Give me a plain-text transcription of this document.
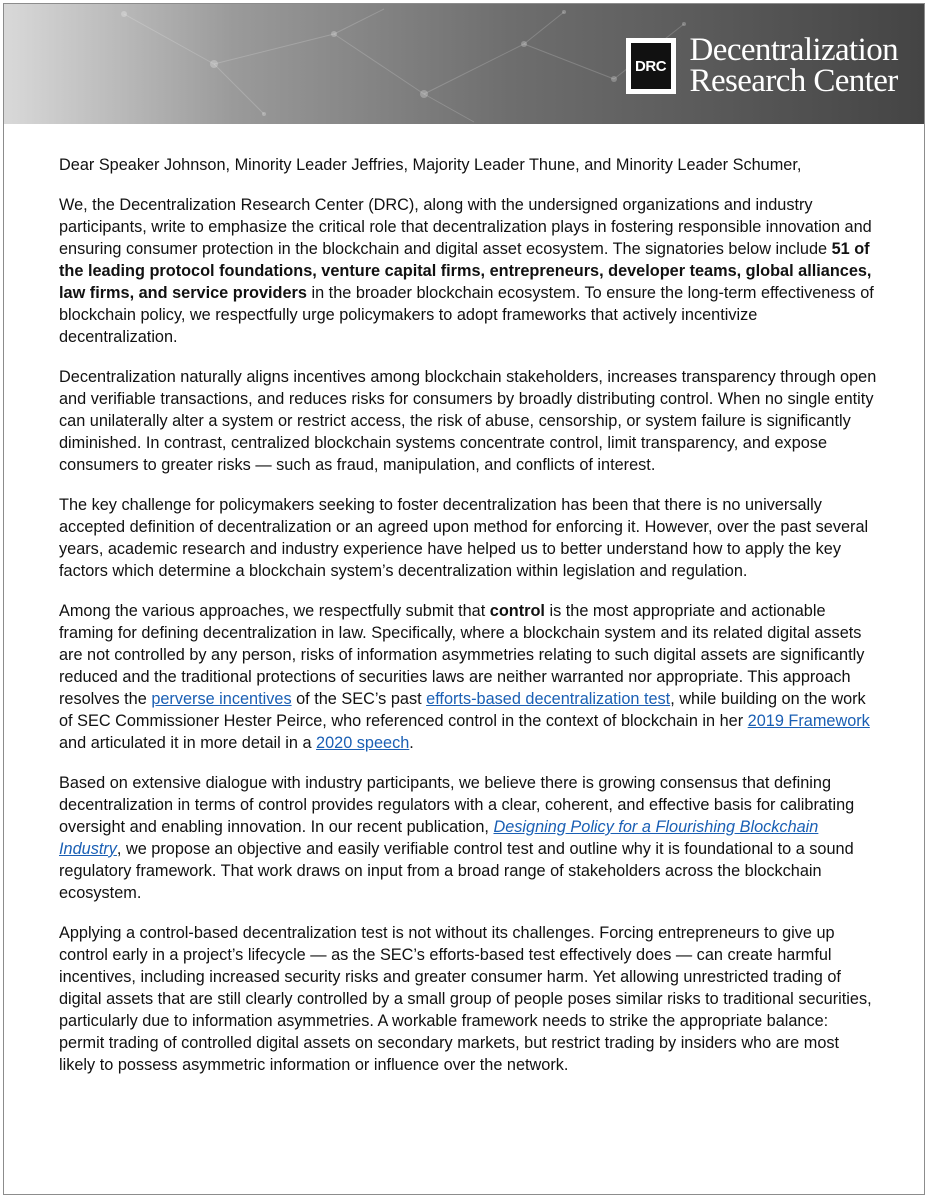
DRC Decentralization
Research Center

Dear Speaker Johnson, Minority Leader Jeffries, Majority Leader Thune, and Minority Leader Schumer,

We, the Decentralization Research Center (DRC), along with the undersigned organizations and industry participants, write to emphasize the critical role that decentralization plays in fostering responsible innovation and ensuring consumer protection in the blockchain and digital asset ecosystem. The signatories below include 51 of the leading protocol foundations, venture capital firms, entrepreneurs, developer teams, global alliances, law firms, and service providers in the broader blockchain ecosystem. To ensure the long-term effectiveness of blockchain policy, we respectfully urge policymakers to adopt frameworks that actively incentivize decentralization.

Decentralization naturally aligns incentives among blockchain stakeholders, increases transparency through open and verifiable transactions, and reduces risks for consumers by broadly distributing control. When no single entity can unilaterally alter a system or restrict access, the risk of abuse, censorship, or system failure is significantly diminished. In contrast, centralized blockchain systems concentrate control, limit transparency, and expose consumers to greater risks — such as fraud, manipulation, and conflicts of interest.

The key challenge for policymakers seeking to foster decentralization has been that there is no universally accepted definition of decentralization or an agreed upon method for enforcing it. However, over the past several years, academic research and industry experience have helped us to better understand how to apply the key factors which determine a blockchain system’s decentralization within legislation and regulation.

Among the various approaches, we respectfully submit that control is the most appropriate and actionable framing for defining decentralization in law. Specifically, where a blockchain system and its related digital assets are not controlled by any person, risks of information asymmetries relating to such digital assets are significantly reduced and the traditional protections of securities laws are neither warranted nor appropriate. This approach resolves the perverse incentives of the SEC’s past efforts-based decentralization test, while building on the work of SEC Commissioner Hester Peirce, who referenced control in the context of blockchain in her 2019 Framework and articulated it in more detail in a 2020 speech.

Based on extensive dialogue with industry participants, we believe there is growing consensus that defining decentralization in terms of control provides regulators with a clear, coherent, and effective basis for calibrating oversight and enabling innovation. In our recent publication, Designing Policy for a Flourishing Blockchain Industry, we propose an objective and easily verifiable control test and outline why it is foundational to a sound regulatory framework. That work draws on input from a broad range of stakeholders across the blockchain ecosystem.

Applying a control-based decentralization test is not without its challenges. Forcing entrepreneurs to give up control early in a project’s lifecycle — as the SEC’s efforts-based test effectively does — can create harmful incentives, including increased security risks and greater consumer harm. Yet allowing unrestricted trading of digital assets that are still clearly controlled by a small group of people poses similar risks to traditional securities, particularly due to information asymmetries. A workable framework needs to strike the appropriate balance: permit trading of controlled digital assets on secondary markets, but restrict trading by insiders who are most likely to possess asymmetric information or influence over the network.
